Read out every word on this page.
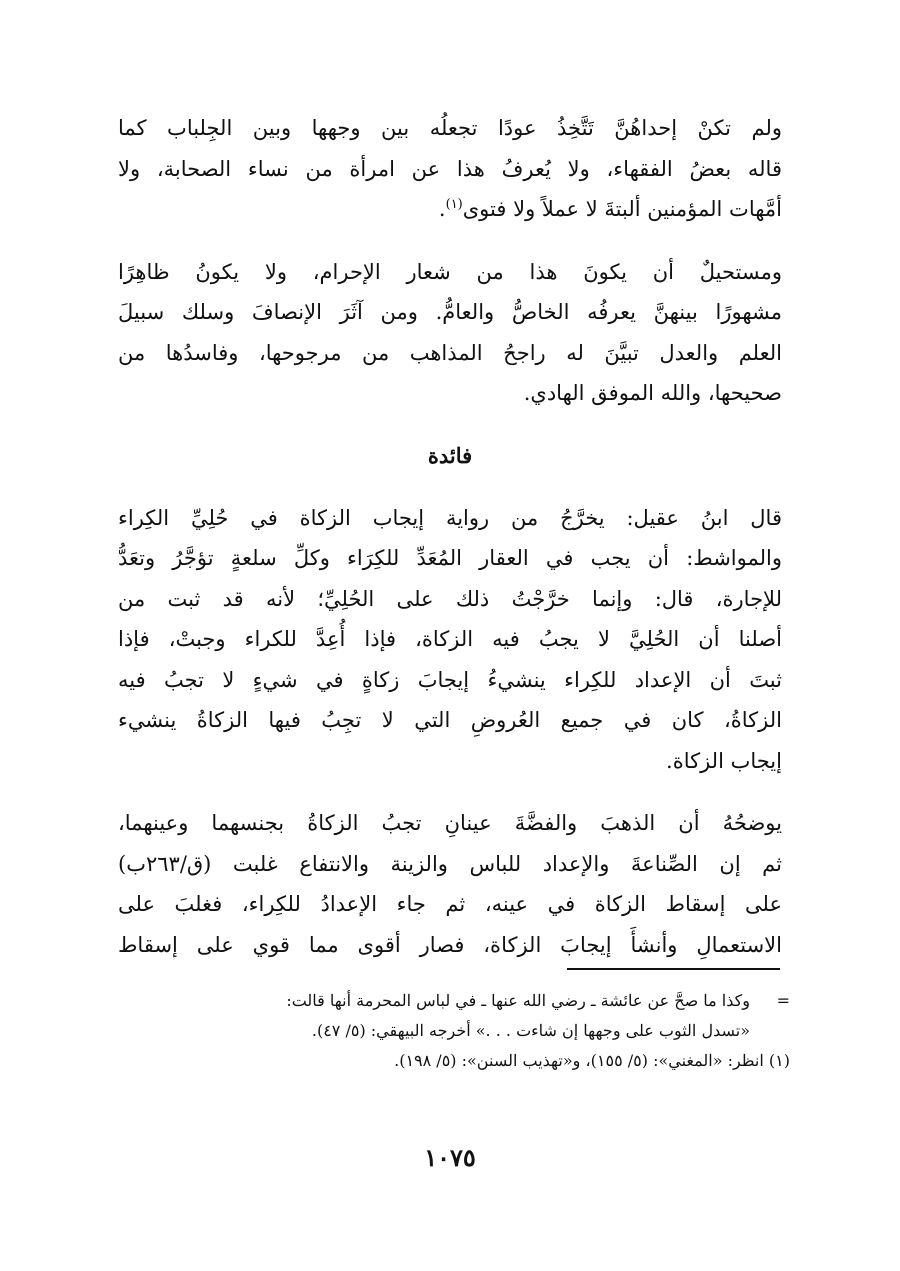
ولم تكنْ إحداهُنَّ تَتَّخِذُ عودًا تجعلُه بين وجهها وبين الجِلباب كما
قاله بعضُ الفقهاء، ولا يُعرفُ هذا عن امرأة من نساء الصحابة، ولا
أمَّهات المؤمنين ألبتةَ لا عملاً ولا فتوى$^{(١)}$.

ومستحيلٌ أن يكونَ هذا من شعار الإحرام، ولا يكونُ ظاهِرًا
مشهورًا بينهنَّ يعرفُه الخاصُّ والعامُّ. ومن آثَرَ الإنصافَ وسلك سبيلَ
العلم والعدل تبيَّنَ له راجحُ المذاهب من مرجوحها، وفاسدُها من
صحيحها، والله الموفق الهادي.

فائدة

قال ابنُ عقيل: يخرَّجُ من رواية إيجاب الزكاة في حُلِيِّ الكِراء
والمواشط: أن يجب في العقار المُعَدِّ للكِرَاء وكلِّ سلعةٍ تؤجَّرُ وتعَدُّ
للإجارة، قال: وإنما خرَّجْتُ ذلك على الحُلِيِّ؛ لأنه قد ثبت من
أصلنا أن الحُلِيَّ لا يجبُ فيه الزكاة، فإذا أُعِدَّ للكراء وجبتْ، فإذا
ثبتَ أن الإعداد للكِراء ينشيءُ إيجابَ زكاةٍ في شيءٍ لا تجبُ فيه
الزكاةُ، كان في جميع العُروضِ التي لا تجِبُ فيها الزكاةُ ينشيء
إيجاب الزكاة.

يوضحُهُ أن الذهبَ والفضَّةَ عينانِ تجبُ الزكاةُ بجنسهما وعينهما،
ثم إن الصِّناعةَ والإعداد للباس والزينة والانتفاع غلبت (ق/٢٦٣ب)
على إسقاط الزكاة في عينه، ثم جاء الإعدادُ للكِراء، فغلبَ على
الاستعمالِ وأنشأَ إيجابَ الزكاة، فصار أقوى مما قوي على إسقاط

=وكذا ما صحَّ عن عائشة ـ رضي الله عنها ـ في لباس المحرمة أنها قالت:
«تسدل الثوب على وجهها إن شاءت . . .» أخرجه البيهقي: (٥/ ٤٧).
(١) انظر: «المغني»: (٥/ ١٥٥)، و«تهذيب السنن»: (٥/ ١٩٨).
١٠٧٥
